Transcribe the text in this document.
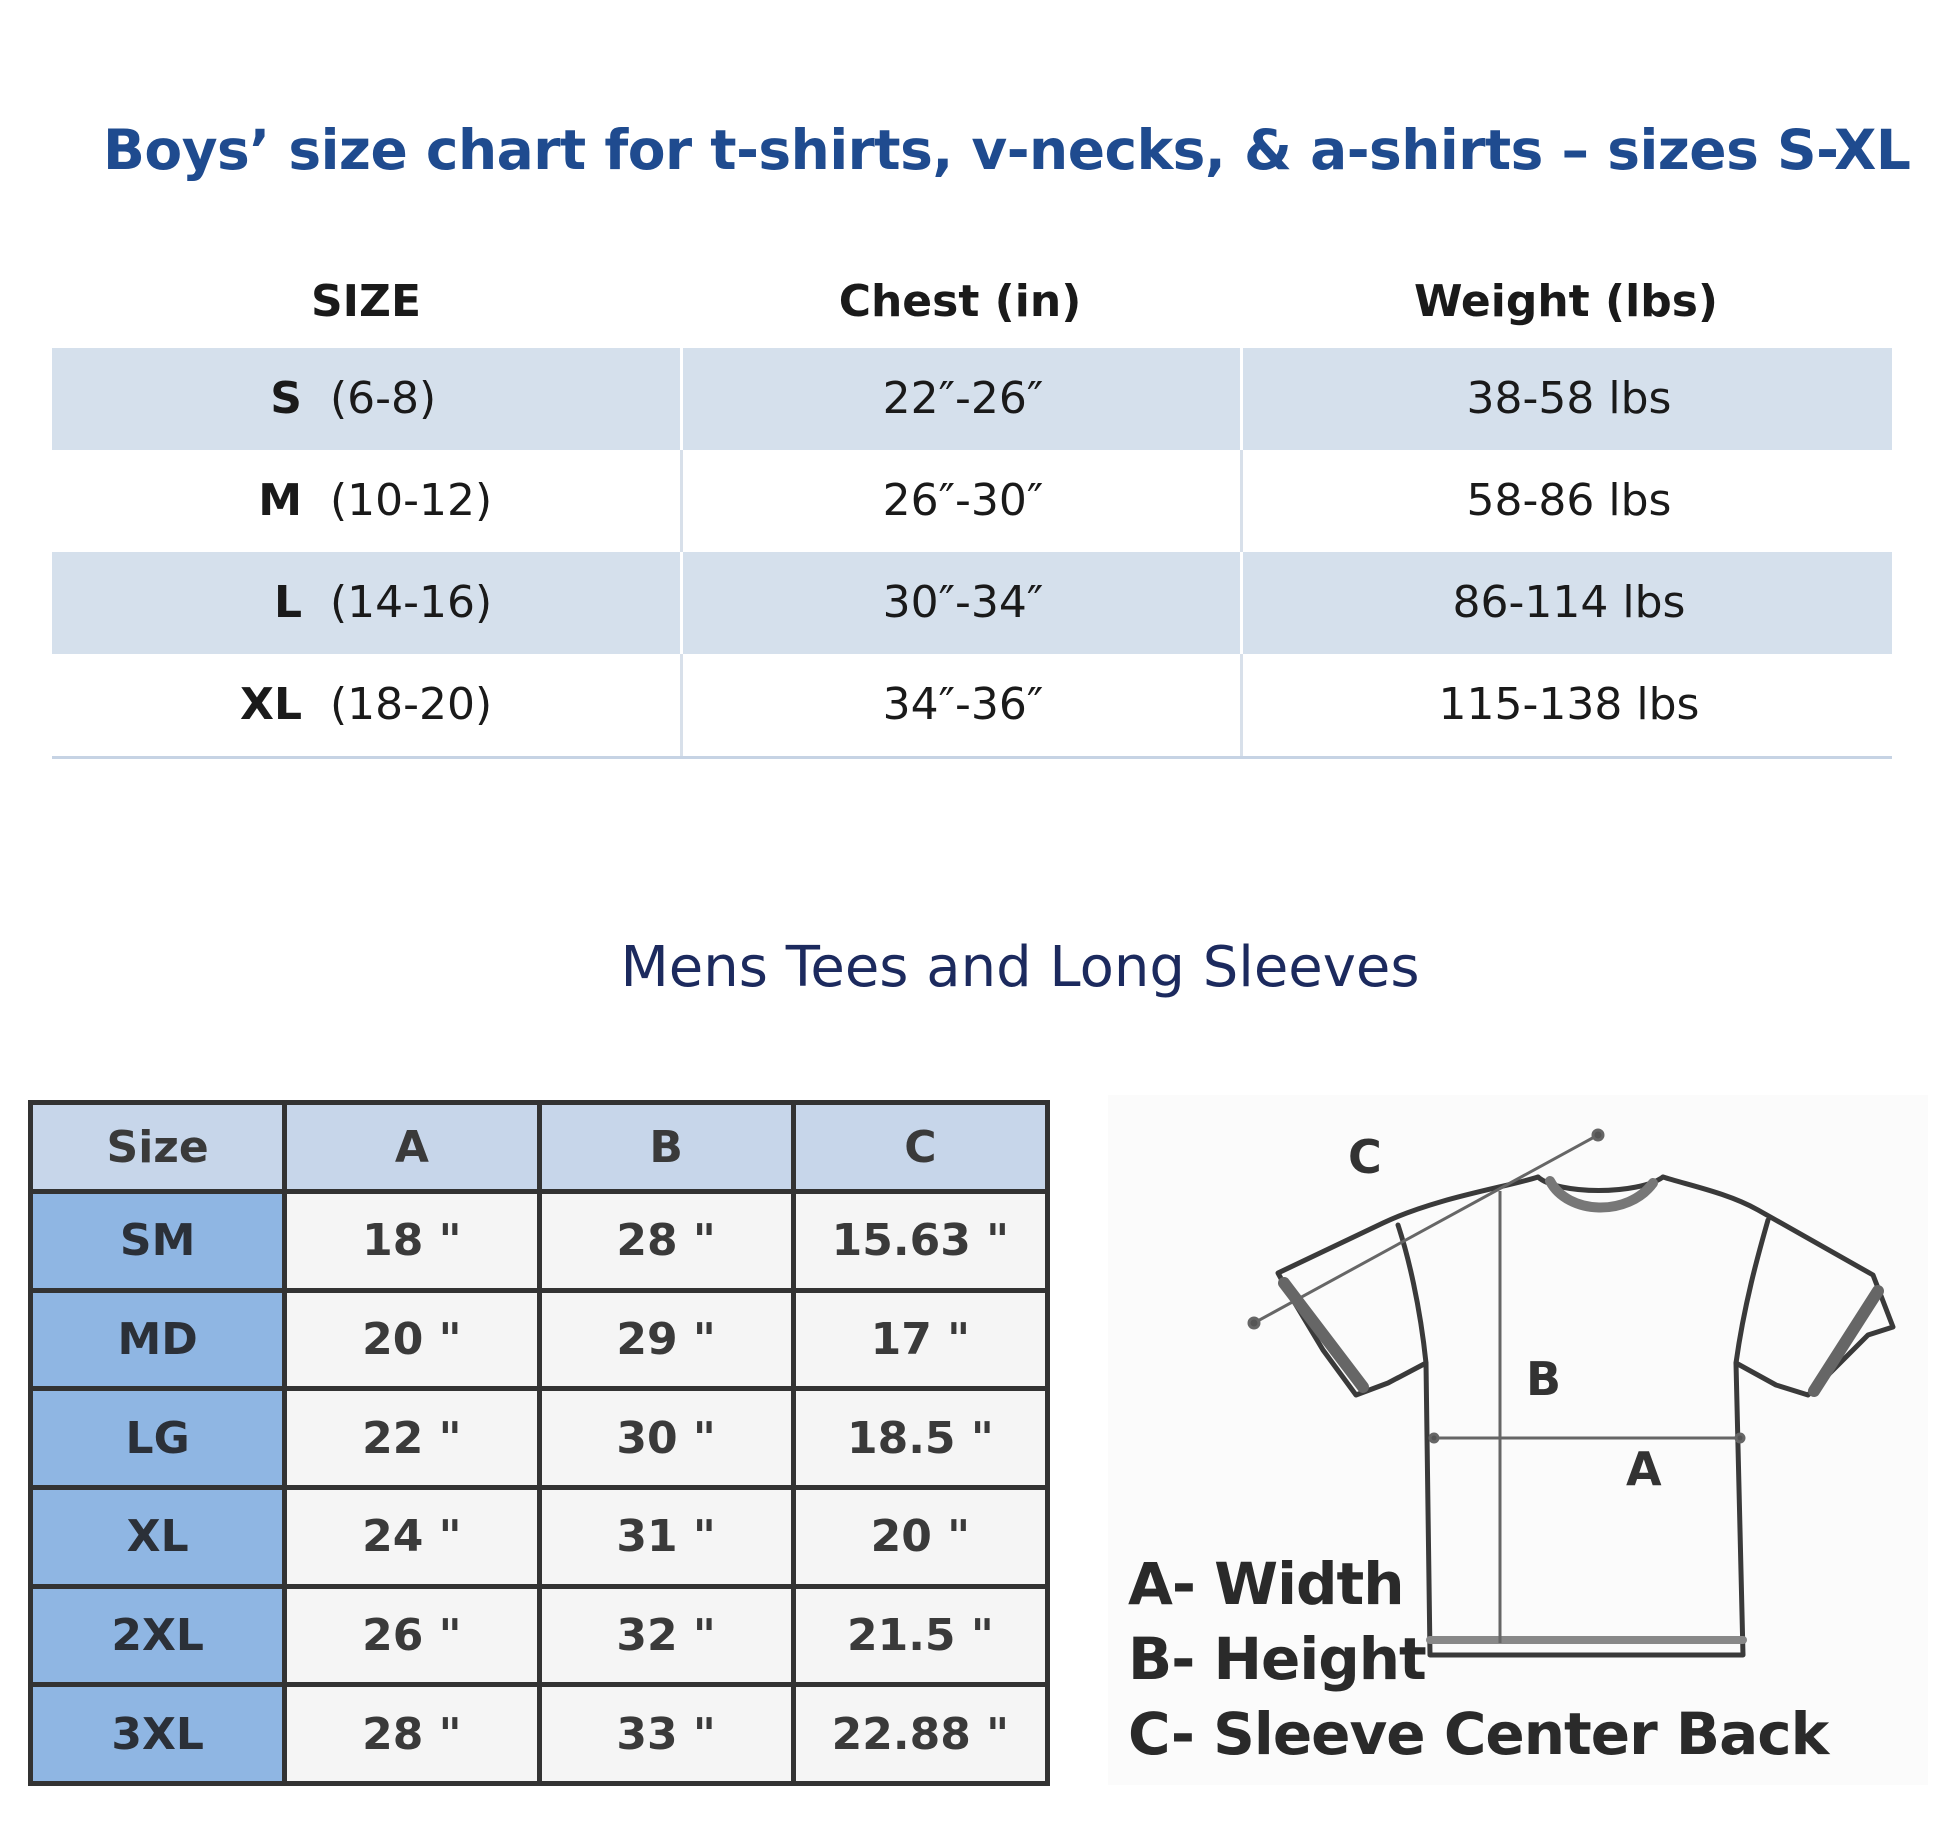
Boys’ size chart for t-shirts, v-necks, & a-shirts – sizes S-XL
SIZE	Chest (in)	Weight (lbs)
S (6-8)	22″-26″	38-58 lbs
M (10-12)	26″-30″	58-86 lbs
L (14-16)	30″-34″	86-114 lbs
XL (18-20)	34″-36″	115-138 lbs
Mens Tees and Long Sleeves
Size	A	B	C
SM	18 "	28 "	15.63 "
MD	20 "	29 "	17 "
LG	22 "	30 "	18.5 "
XL	24 "	31 "	20 "
2XL	26 "	32 "	21.5 "
3XL	28 "	33 "	22.88 "
C
B
A
A- Width
B- Height
C- Sleeve Center Back
